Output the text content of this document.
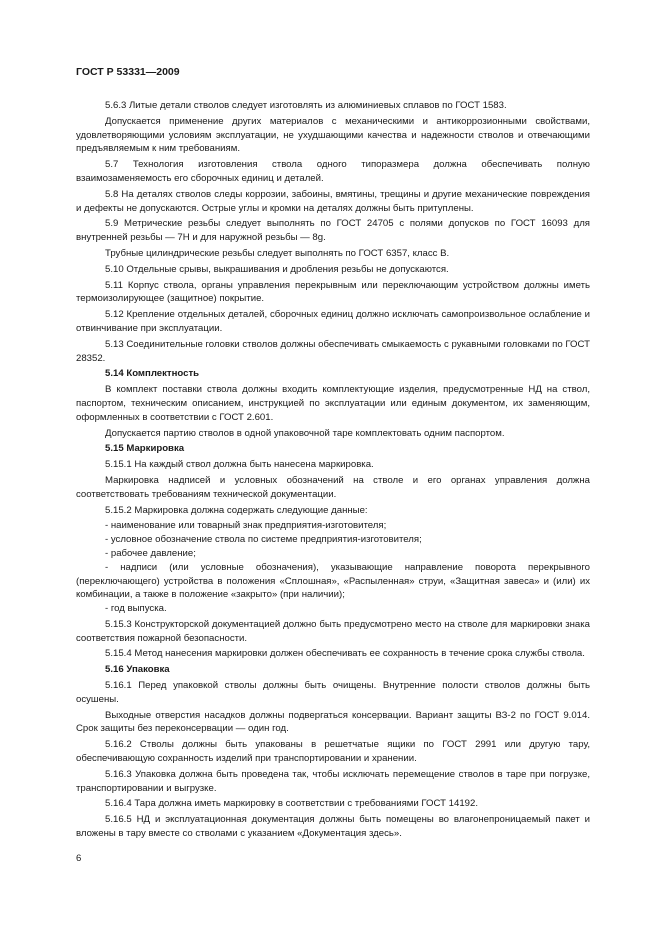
ГОСТ Р 53331—2009

5.6.3 Литые детали стволов следует изготовлять из алюминиевых сплавов по ГОСТ 1583.

Допускается применение других материалов с механическими и антикоррозионными свойствами, удовлетворяющими условиям эксплуатации, не ухудшающими качества и надежности стволов и отвечающими предъявляемым к ним требованиям.

5.7 Технология изготовления ствола одного типоразмера должна обеспечивать полную взаимозаменяемость его сборочных единиц и деталей.

5.8 На деталях стволов следы коррозии, забоины, вмятины, трещины и другие механические повреждения и дефекты не допускаются. Острые углы и кромки на деталях должны быть притуплены.

5.9 Метрические резьбы следует выполнять по ГОСТ 24705 с полями допусков по ГОСТ 16093 для внутренней резьбы — 7Н и для наружной резьбы — 8g.

Трубные цилиндрические резьбы следует выполнять по ГОСТ 6357, класс В.

5.10 Отдельные срывы, выкрашивания и дробления резьбы не допускаются.

5.11 Корпус ствола, органы управления перекрывным или переключающим устройством должны иметь термоизолирующее (защитное) покрытие.

5.12 Крепление отдельных деталей, сборочных единиц должно исключать самопроизвольное ослабление и отвинчивание при эксплуатации.

5.13 Соединительные головки стволов должны обеспечивать смыкаемость с рукавными головками по ГОСТ 28352.

5.14 Комплектность

В комплект поставки ствола должны входить комплектующие изделия, предусмотренные НД на ствол, паспортом, техническим описанием, инструкцией по эксплуатации или единым документом, их заменяющим, оформленных в соответствии с ГОСТ 2.601.

Допускается партию стволов в одной упаковочной таре комплектовать одним паспортом.

5.15 Маркировка

5.15.1 На каждый ствол должна быть нанесена маркировка.

Маркировка надписей и условных обозначений на стволе и его органах управления должна соответствовать требованиям технической документации.

5.15.2 Маркировка должна содержать следующие данные:

- наименование или товарный знак предприятия-изготовителя;

- условное обозначение ствола по системе предприятия-изготовителя;

- рабочее давление;

- надписи (или условные обозначения), указывающие направление поворота перекрывного (переключающего) устройства в положения «Сплошная», «Распыленная» струи, «Защитная завеса» и (или) их комбинации, а также в положение «закрыто» (при наличии);

- год выпуска.

5.15.3 Конструкторской документацией должно быть предусмотрено место на стволе для маркировки знака соответствия пожарной безопасности.

5.15.4 Метод нанесения маркировки должен обеспечивать ее сохранность в течение срока службы ствола.

5.16 Упаковка

5.16.1 Перед упаковкой стволы должны быть очищены. Внутренние полости стволов должны быть осушены.

Выходные отверстия насадков должны подвергаться консервации. Вариант защиты ВЗ-2 по ГОСТ 9.014. Срок защиты без переконсервации — один год.

5.16.2 Стволы должны быть упакованы в решетчатые ящики по ГОСТ 2991 или другую тару, обеспечивающую сохранность изделий при транспортировании и хранении.

5.16.3 Упаковка должна быть проведена так, чтобы исключать перемещение стволов в таре при погрузке, транспортировании и выгрузке.

5.16.4 Тара должна иметь маркировку в соответствии с требованиями ГОСТ 14192.

5.16.5 НД и эксплуатационная документация должны быть помещены во влагонепроницаемый пакет и вложены в тару вместе со стволами с указанием «Документация здесь».

6
